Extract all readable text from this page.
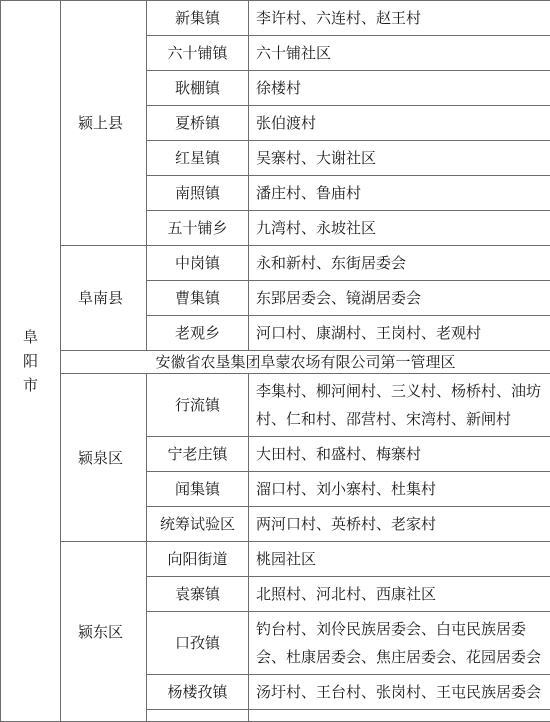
阜阳市	颍上县	新集镇	李许村、六连村、赵王村
		六十铺镇	六十铺社区
		耿棚镇	徐楼村
		夏桥镇	张伯渡村
		红星镇	吴寨村、大谢社区
		南照镇	潘庄村、鲁庙村
		五十铺乡	九湾村、永坡社区
	阜南县	中岗镇	永和新村、东街居委会
		曹集镇	东郢居委会、镜湖居委会
		老观乡	河口村、康湖村、王岗村、老观村
	安徽省农垦集团阜蒙农场有限公司第一管理区		
	颍泉区	行流镇	李集村、柳河闸村、三义村、杨桥村、油坊村、仁和村、邵营村、宋湾村、新闸村
		宁老庄镇	大田村、和盛村、梅寨村
		闻集镇	溜口村、刘小寨村、杜集村
		统筹试验区	两河口村、英桥村、老家村
	颍东区	向阳街道	桃园社区
		袁寨镇	北照村、河北村、西康社区
		口孜镇	钓台村、刘伶民族居委会、白屯民族居委会、杜康居委会、焦庄居委会、花园居委会
		杨楼孜镇	汤圩村、王台村、张岗村、王屯民族居委会
